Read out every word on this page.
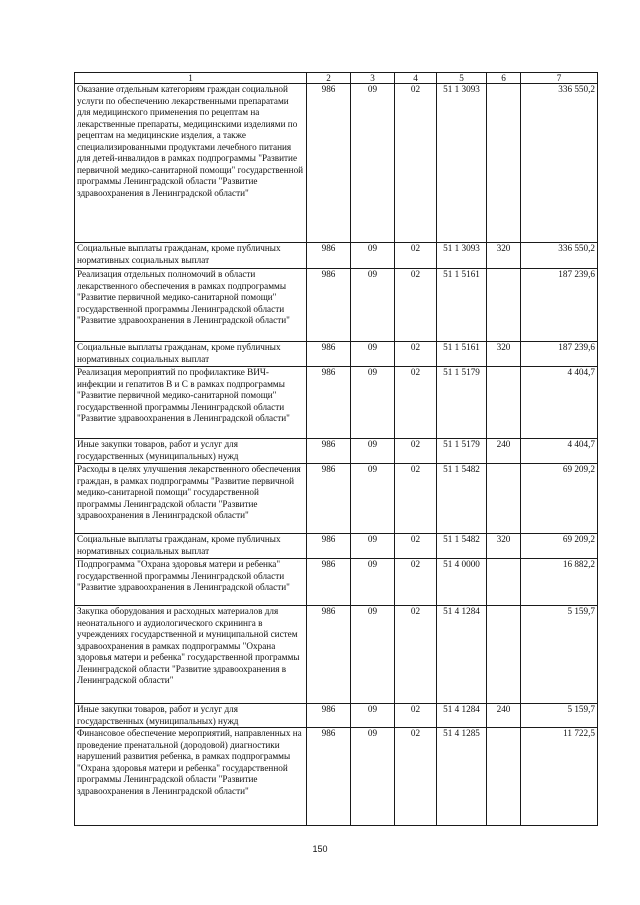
1	2	3	4	5	6	7
Оказание отдельным категориям граждан социальной услуги по обеспечению лекарственными препаратами для медицинского применения по рецептам на лекарственные препараты, медицинскими изделиями по рецептам на медицинские изделия, а также специализированными продуктами лечебного питания для детей-инвалидов в рамках подпрограммы "Развитие первичной медико-санитарной помощи" государственной программы Ленинградской области "Развитие здравоохранения в Ленинградской области"	986	09	02	51 1 3093		336 550,2
Социальные выплаты гражданам, кроме публичных нормативных социальных выплат	986	09	02	51 1 3093	320	336 550,2
Реализация отдельных полномочий в области лекарственного обеспечения в рамках подпрограммы "Развитие первичной медико-санитарной помощи" государственной программы Ленинградской области "Развитие здравоохранения в Ленинградской области"	986	09	02	51 1 5161		187 239,6
Социальные выплаты гражданам, кроме публичных нормативных социальных выплат	986	09	02	51 1 5161	320	187 239,6
Реализация мероприятий по профилактике ВИЧ-инфекции и гепатитов B и C в рамках подпрограммы "Развитие первичной медико-санитарной помощи" государственной программы Ленинградской области "Развитие здравоохранения в Ленинградской области"	986	09	02	51 1 5179		4 404,7
Иные закупки товаров, работ и услуг для государственных (муниципальных) нужд	986	09	02	51 1 5179	240	4 404,7
Расходы в целях улучшения лекарственного обеспечения граждан, в рамках подпрограммы "Развитие первичной медико-санитарной помощи" государственной программы Ленинградской области "Развитие здравоохранения в Ленинградской области"	986	09	02	51 1 5482		69 209,2
Социальные выплаты гражданам, кроме публичных нормативных социальных выплат	986	09	02	51 1 5482	320	69 209,2
Подпрограмма "Охрана здоровья матери и ребенка" государственной программы Ленинградской области "Развитие здравоохранения в Ленинградской области"	986	09	02	51 4 0000		16 882,2
Закупка оборудования и расходных материалов для неонатального и аудиологического скрининга в учреждениях государственной и муниципальной систем здравоохранения в рамках подпрограммы "Охрана здоровья матери и ребенка" государственной программы Ленинградской области "Развитие здравоохранения в Ленинградской области"	986	09	02	51 4 1284		5 159,7
Иные закупки товаров, работ и услуг для государственных (муниципальных) нужд	986	09	02	51 4 1284	240	5 159,7
Финансовое обеспечение мероприятий, направленных на проведение пренатальной (дородовой) диагностики нарушений развития ребенка, в рамках подпрограммы "Охрана здоровья матери и ребенка" государственной программы Ленинградской области "Развитие здравоохранения в Ленинградской области"	986	09	02	51 4 1285		11 722,5
150
